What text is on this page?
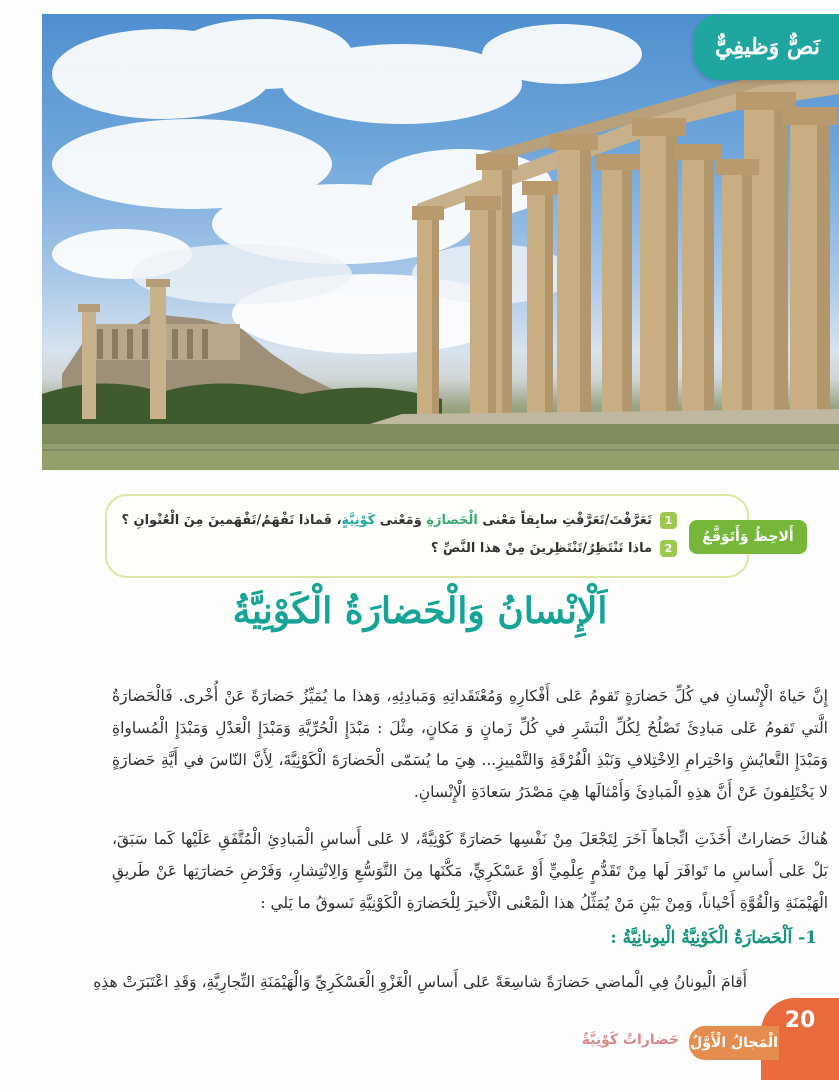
نَصٌّ وَظيفِيٌّ
أَلاحِظُ وَأَتَوَقَّعُ
1
تَعَرَّفْتَ/تَعَرَّفْتِ سابِقاً مَعْنى الْحَضارَةِ وَمَعْنى كَوْنِيَّةٍ، فَماذا تَفْهَمُ/تَفْهَمينَ مِنَ الْعُنْوانِ ؟
2
ماذا تَنْتَظِرُ/تَنْتَظِرينَ مِنْ هذا النَّصِّ ؟
اَلْإِنْسانُ وَالْحَضارَةُ الْكَوْنِيَّةُ

إِنَّ حَياةَ الْإِنْسانِ في كُلِّ حَضارَةٍ تَقومُ عَلى أَفْكارِهِ وَمُعْتَقَداتِهِ وَمَبادِئِهِ، وَهذا ما يُمَيِّزُ حَضارَةً عَنْ أُخْرى. فَالْحَضارَةُ الَّتي تَقومُ عَلى مَبادِئَ تَصْلُحُ لِكُلِّ الْبَشَرِ في كُلِّ زَمانٍ وَ مَكانٍ، مِثْلَ : مَبْدَإِ الْحُرِّيَّةِ وَمَبْدَإِ الْعَدْلِ وَمَبْدَإِ الْمُساواةِ وَمَبْدَإِ التَّعايُشِ وَاحْتِرامِ الِاخْتِلافِ وَنَبْذِ الْفُرْقَةِ وَالتَّمْييزِ... هِيَ ما يُسَمّى الْحَضارَةَ الْكَوْنِيَّةَ، لِأَنَّ النّاسَ في أَيَّةِ حَضارَةٍ لا يَخْتَلِفونَ عَنْ أَنَّ هذِهِ الْمَبادِئَ وَأَمْثالَها هِيَ مَصْدَرُ سَعادَةِ الْإِنْسانِ.

هُناكَ حَضاراتٌ أَخَذَتِ اتِّجاهاً آخَرَ لِتَجْعَلَ مِنْ نَفْسِها حَضارَةً كَوْنِيَّةً، لا عَلى أَساسِ الْمَبادِئِ الْمُتَّفَقِ عَلَيْها كَما سَبَقَ، بَلْ عَلى أَساسِ ما تَوافَرَ لَها مِنْ تَقَدُّمٍ عِلْمِيٍّ أَوْ عَسْكَرِيٍّ، مَكَّنَها مِنَ التَّوَسُّعِ وَالِانْتِشارِ، وَفَرْضِ حَضارَتِها عَنْ طَريقِ الْهَيْمَنَةِ وَالْقُوَّةِ أَحْياناً، وَمِنْ بَيْنِ مَنْ يُمَثِّلُ هذا الْمَعْنى الْأَخيرَ لِلْحَضارَةِ الْكَوْنِيَّةِ نَسوقُ ما يَلي :

1- اَلْحَضارَةُ الْكَوْنِيَّةُ الْيونانِيَّةُ :

أَقامَ الْيونانُ فِي الْماضي حَضارَةً شاسِعَةً عَلى أَساسِ الْغَزْوِ الْعَسْكَرِيِّ وَالْهَيْمَنَةِ التِّجارِيَّةِ، وَقَدِ اعْتَبَرَتْ هذِهِ

20
الْمَجالُ الْأَوَّلُ
حَضاراتٌ كَوْنِيَّةٌ
